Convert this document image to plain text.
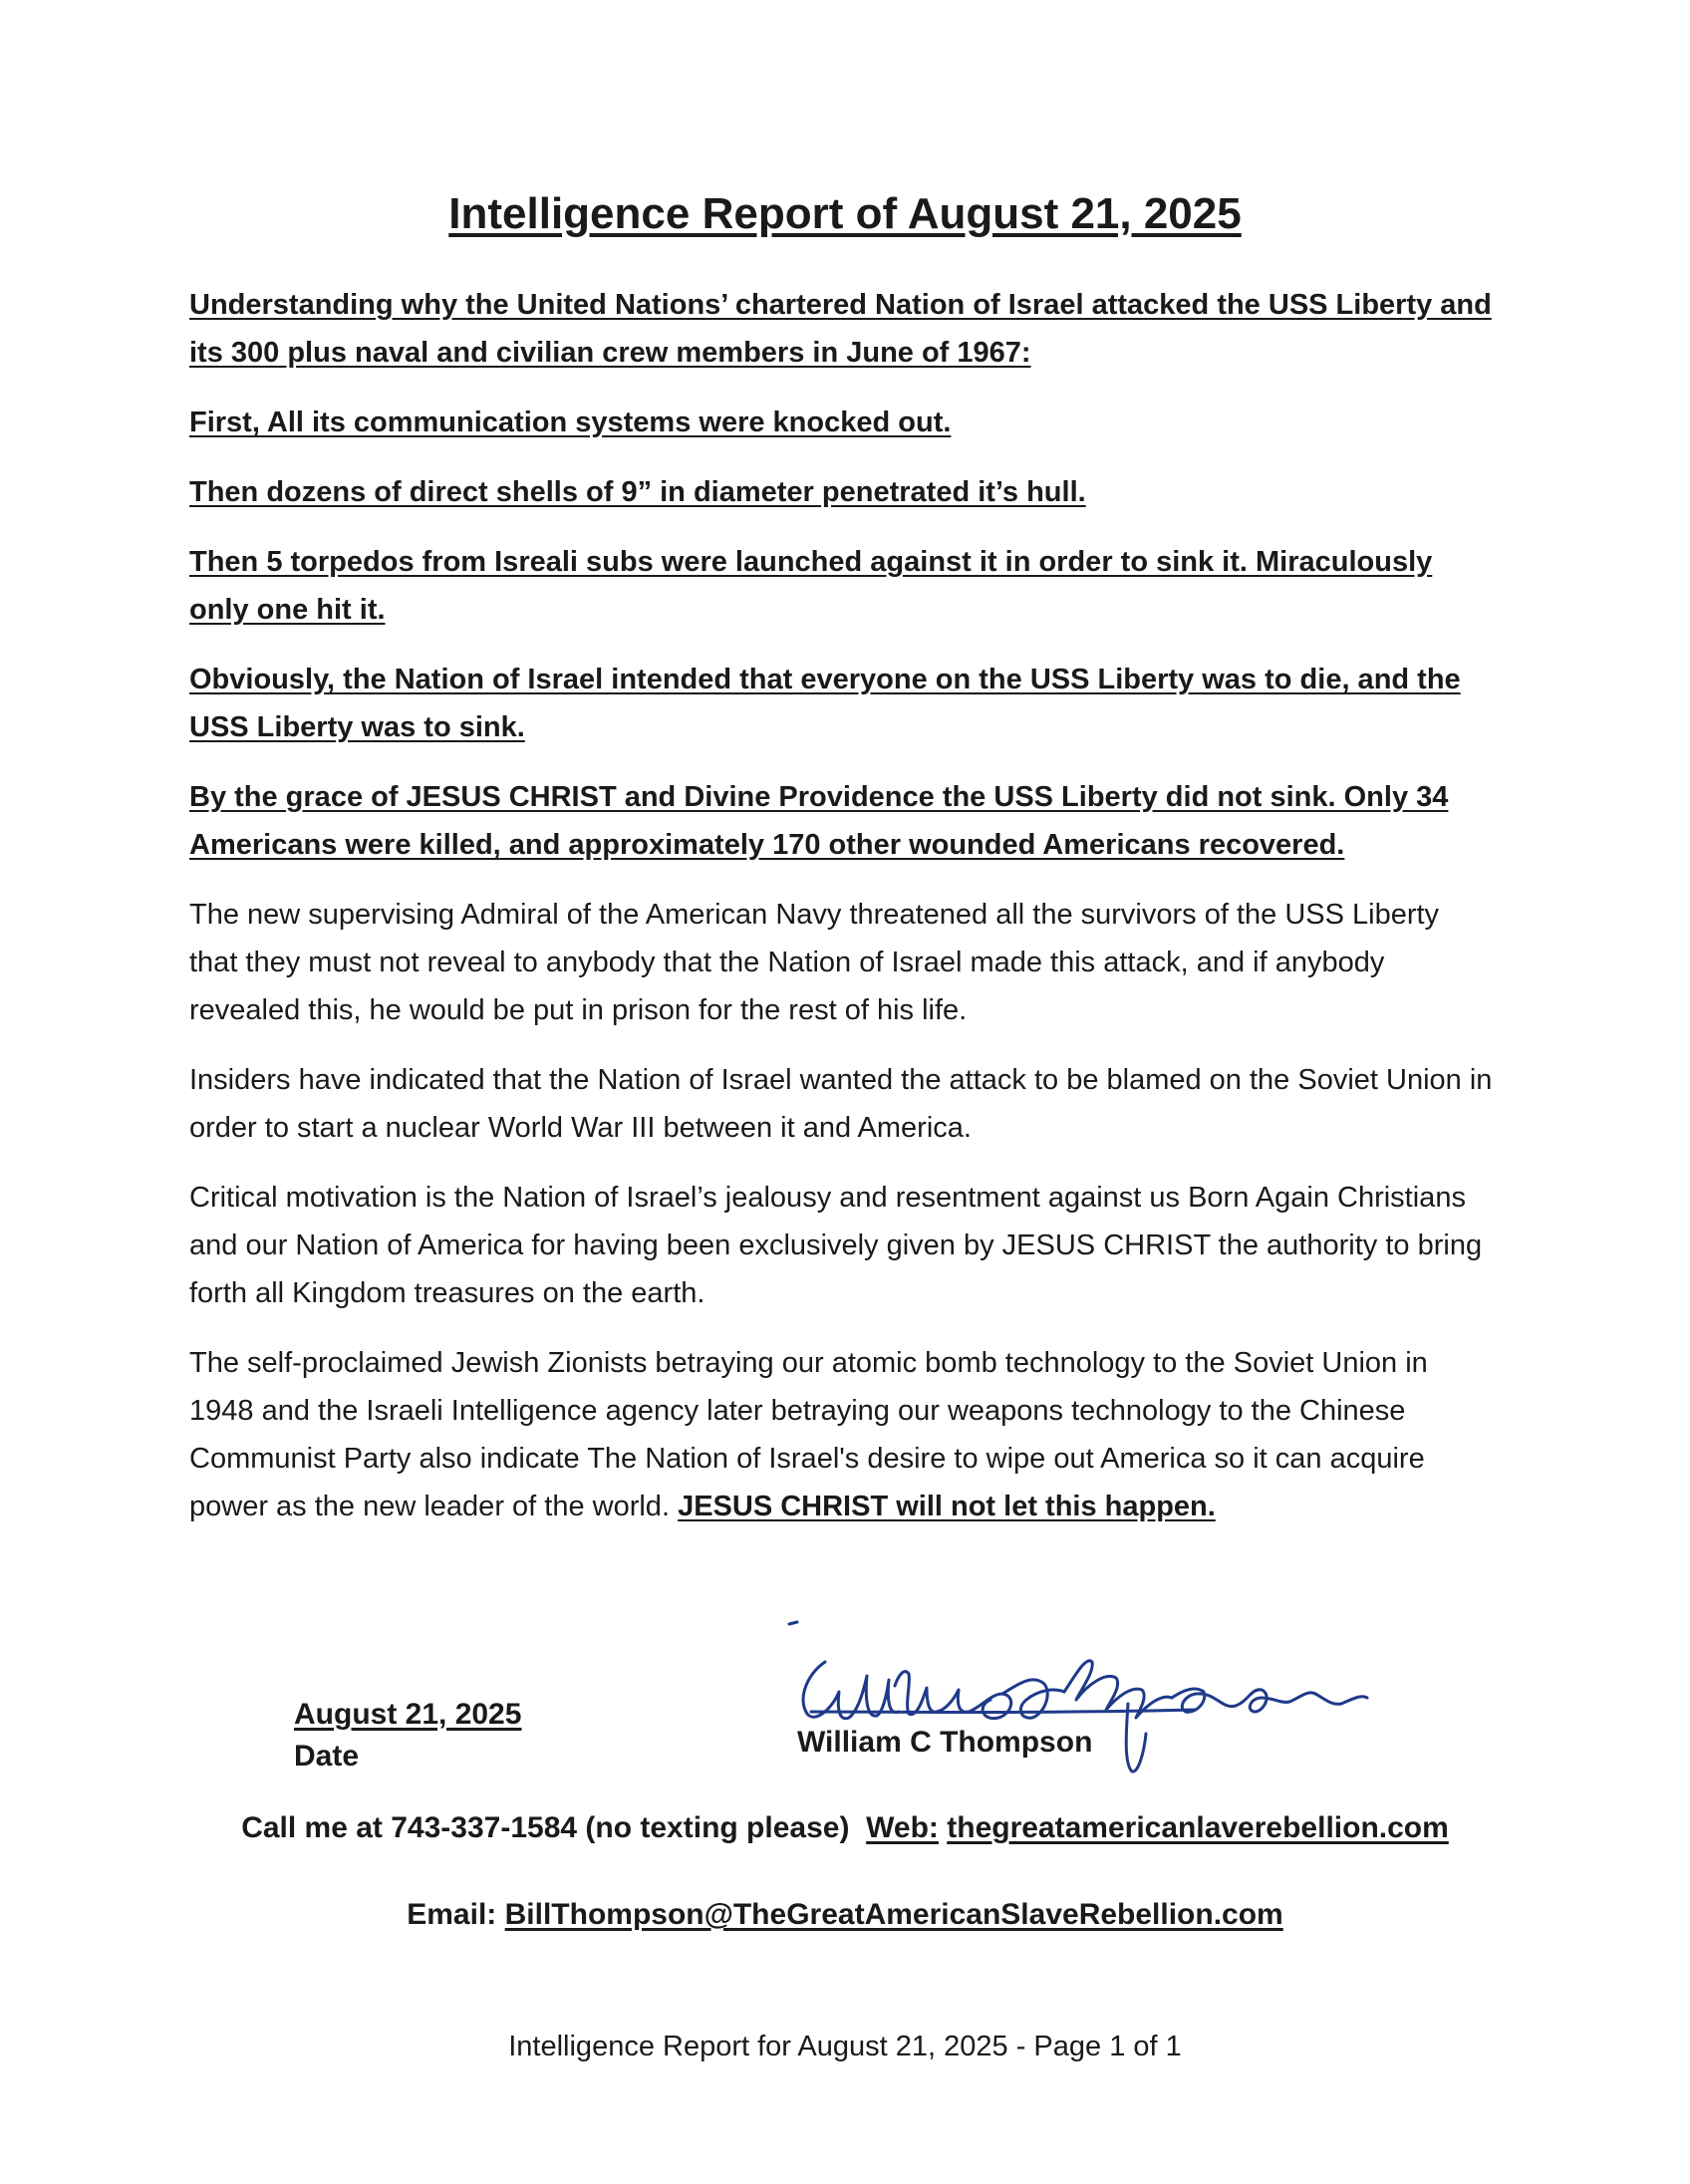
Intelligence Report of August 21, 2025

Understanding why the United Nations’ chartered Nation of Israel attacked the USS Liberty and its 300 plus naval and civilian crew members in June of 1967:

First, All its communication systems were knocked out.

Then dozens of direct shells of 9” in diameter penetrated it’s hull.

Then 5 torpedos from Isreali subs were launched against it in order to sink it. Miraculously only one hit it.

Obviously, the Nation of Israel intended that everyone on the USS Liberty was to die, and the USS Liberty was to sink.

By the grace of JESUS CHRIST and Divine Providence the USS Liberty did not sink. Only 34 Americans were killed, and approximately 170 other wounded Americans recovered.

The new supervising Admiral of the American Navy threatened all the survivors of the USS Liberty that they must not reveal to anybody that the Nation of Israel made this attack, and if anybody revealed this, he would be put in prison for the rest of his life.

Insiders have indicated that the Nation of Israel wanted the attack to be blamed on the Soviet Union in order to start a nuclear World War III between it and America.

Critical motivation is the Nation of Israel’s jealousy and resentment against us Born Again Christians and our Nation of America for having been exclusively given by JESUS CHRIST the authority to bring forth all Kingdom treasures on the earth.

The self-proclaimed Jewish Zionists betraying our atomic bomb technology to the Soviet Union in 1948 and the Israeli Intelligence agency later betraying our weapons technology to the Chinese Communist Party also indicate The Nation of Israel's desire to wipe out America so it can acquire power as the new leader of the world. JESUS CHRIST will not let this happen.

August 21, 2025
Date	William C Thompson
Call me at 743-337-1584 (no texting please) Web: thegreatamericanlaverebellion.com
Email: BillThompson@TheGreatAmericanSlaveRebellion.com
Intelligence Report for August 21, 2025 - Page 1 of 1
